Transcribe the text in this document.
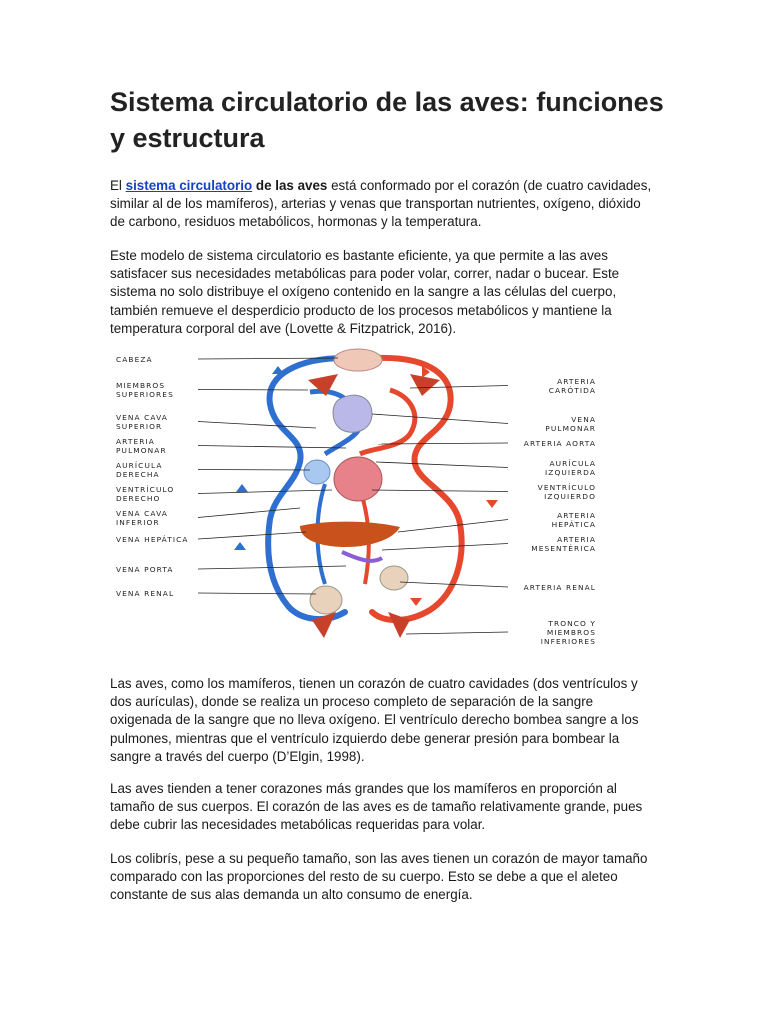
Sistema circulatorio de las aves: funciones y estructura

El sistema circulatorio de las aves está conformado por el corazón (de cuatro cavidades, similar al de los mamíferos), arterias y venas que transportan nutrientes, oxígeno, dióxido de carbono, residuos metabólicos, hormonas y la temperatura.

Este modelo de sistema circulatorio es bastante eficiente, ya que permite a las aves satisfacer sus necesidades metabólicas para poder volar, correr, nadar o bucear. Este sistema no solo distribuye el oxígeno contenido en la sangre a las células del cuerpo, también remueve el desperdicio producto de los procesos metabólicos y mantiene la temperatura corporal del ave (Lovette & Fitzpatrick, 2016).

CABEZA
MIEMBROS
SUPERIORES
VENA CAVA
SUPERIOR
ARTERIA
PULMONAR
AURÍCULA
DERECHA
VENTRÍCULO
DERECHO
VENA CAVA
INFERIOR
VENA HEPÁTICA
VENA PORTA
VENA RENAL
ARTERIA
CARÓTIDA
VENA
PULMONAR
ARTERIA AORTA
AURÍCULA
IZQUIERDA
VENTRÍCULO
IZQUIERDO
ARTERIA
HEPÁTICA
ARTERIA
MESENTÉRICA
ARTERIA RENAL
TRONCO Y
MIEMBROS
INFERIORES

Las aves, como los mamíferos, tienen un corazón de cuatro cavidades (dos ventrículos y dos aurículas), donde se realiza un proceso completo de separación de la sangre oxigenada de la sangre que no lleva oxígeno. El ventrículo derecho bombea sangre a los pulmones, mientras que el ventrículo izquierdo debe generar presión para bombear la sangre a través del cuerpo (D’Elgin, 1998).

Las aves tienden a tener corazones más grandes que los mamíferos en proporción al tamaño de sus cuerpos. El corazón de las aves es de tamaño relativamente grande, pues debe cubrir las necesidades metabólicas requeridas para volar.

Los colibrís, pese a su pequeño tamaño, son las aves tienen un corazón de mayor tamaño comparado con las proporciones del resto de su cuerpo. Esto se debe a que el aleteo constante de sus alas demanda un alto consumo de energía.
